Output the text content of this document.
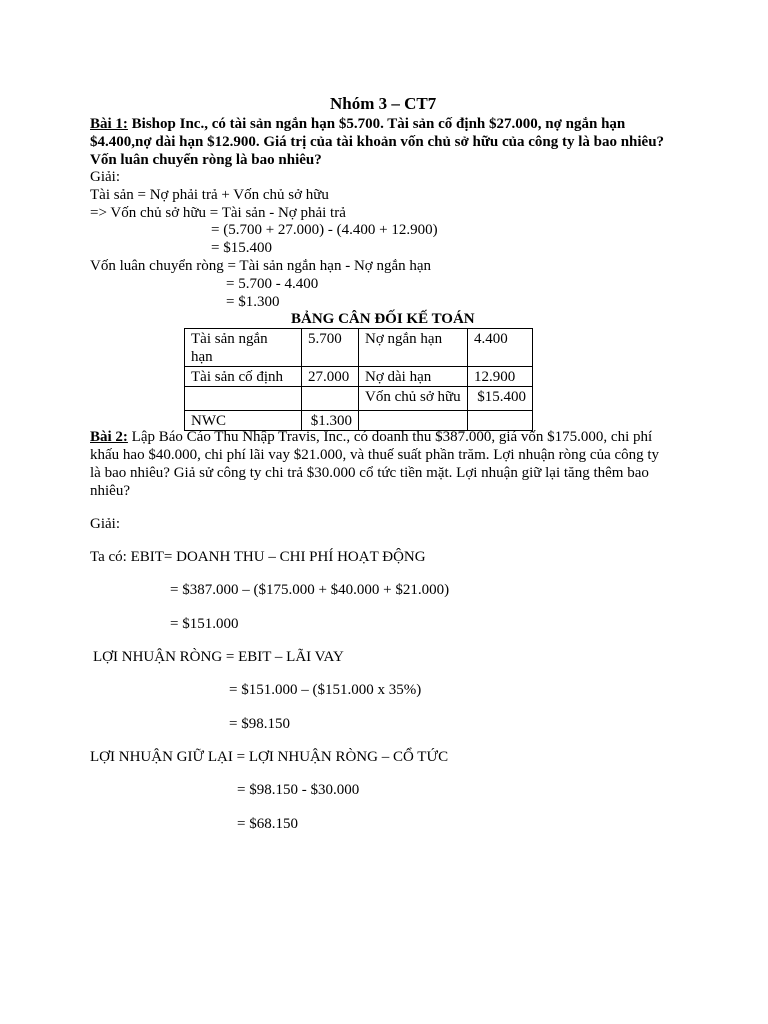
Nhóm 3 – CT7
Bài 1: Bishop Inc., có tài sản ngắn hạn $5.700. Tài sản cố định $27.000, nợ ngắn hạn
$4.400,nợ dài hạn $12.900. Giá trị của tài khoản vốn chủ sở hữu của công ty là bao nhiêu?
Vốn luân chuyển ròng là bao nhiêu?
Giải:
Tài sản = Nợ phải trả + Vốn chủ sở hữu
=> Vốn chủ sở hữu = Tài sản - Nợ phải trả
= (5.700 + 27.000) - (4.400 + 12.900)
= $15.400
Vốn luân chuyển ròng = Tài sản ngắn hạn - Nợ ngắn hạn
= 5.700 - 4.400
= $1.300
BẢNG CÂN ĐỐI KẾ TOÁN
Tài sản ngắn
hạn	5.700	Nợ ngắn hạn	4.400
Tài sản cố định	27.000	Nợ dài hạn	12.900
		Vốn chủ sở hữu	$15.400
NWC	$1.300		
Bài 2: Lập Báo Cáo Thu Nhập Travis, Inc., có doanh thu $387.000, giá vốn $175.000, chi phí
khấu hao $40.000, chi phí lãi vay $21.000, và thuế suất phần trăm. Lợi nhuận ròng của công ty
là bao nhiêu? Giả sử công ty chi trả $30.000 cổ tức tiền mặt. Lợi nhuận giữ lại tăng thêm bao
nhiêu?
Giải:
Ta có: EBIT= DOANH THU – CHI PHÍ HOẠT ĐỘNG
= $387.000 – ($175.000 + $40.000 + $21.000)
= $151.000
LỢI NHUẬN RÒNG = EBIT – LÃI VAY
= $151.000 – ($151.000 x 35%)
= $98.150
LỢI NHUẬN GIỮ LẠI = LỢI NHUẬN RÒNG – CỔ TỨC
= $98.150 - $30.000
= $68.150
